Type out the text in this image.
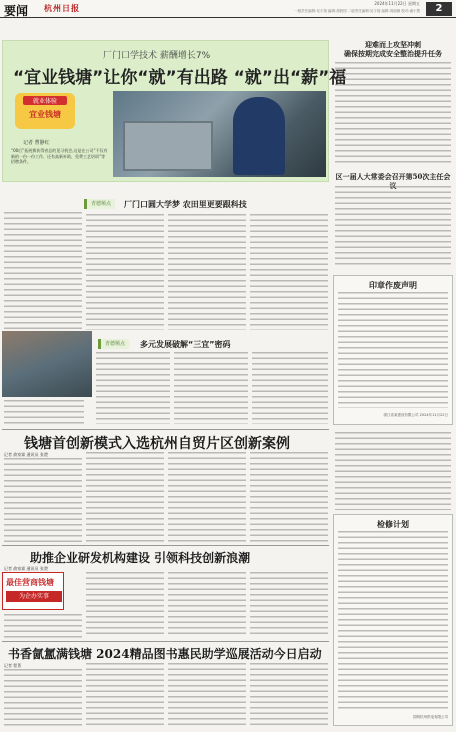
要闻 杭州日报
2024年11月22日 星期五
一版责任编辑:吴宇翔 编辑:胡晨园 二版责任编辑:吴宇翔 编辑:周丽薇 校对:潘小慧	2
厂门口学技术 薪酬增长7%
“宜业钱塘”让你“就”有出路 “就”出“薪”福
就业体验
宜业钱塘
记者 曹静红
“00后”拓展赛获得省总的见习机会,这是在公司“不仅有新的一份一份工作、还有高新补助、免费工艺培训”等招聘条件。
青德频点	厂门口圆大学梦 农田里更要跟科技
青德频点	多元发展破解“三宜”密码
迎难而上攻坚冲刺
确保按期完成安全整治提升任务
区一届人大常委会召开第50次主任会议
印章作废声明
浙江省某建设有限公司 2024年11月22日
检修计划
国网杭州供电有限公司
钱塘首创新模式入选杭州自贸片区创新案例
记者 俞家霖 通讯员 张澄
助推企业研发机构建设 引领科技创新浪潮
记者 俞家霖 通讯员 张澄
最佳营商钱塘
为企办实事
书香氤氲满钱塘 2024精品图书惠民助学巡展活动今日启动
记者 程菁
